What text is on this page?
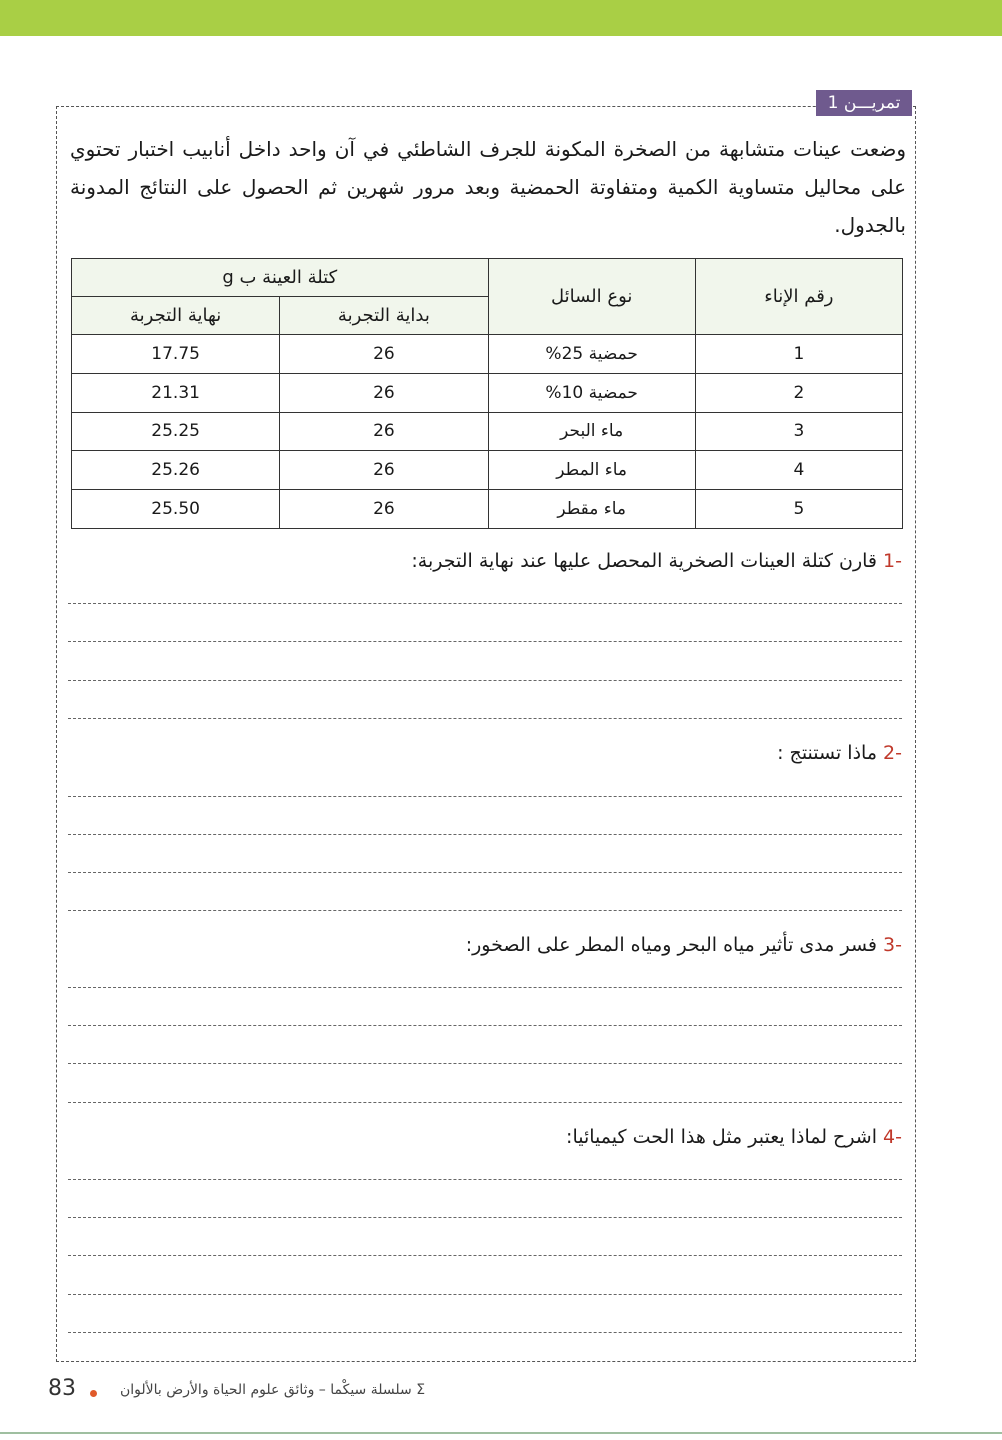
تمريـــن 1
وضعت عينات متشابهة من الصخرة المكونة للجرف الشاطئي في آن واحد داخل أنابيب اختبار تحتوي على محاليل متساوية الكمية ومتفاوتة الحمضية وبعد مرور شهرين ثم الحصول على النتائج المدونة بالجدول.
رقم الإناء	نوع السائل	كتلة العينة ب g	
		بداية التجربة	نهاية التجربة
1	حمضية 25%	26	17.75
2	حمضية 10%	26	21.31
3	ماء البحر	26	25.25
4	ماء المطر	26	25.26
5	ماء مقطر	26	25.50
-1 قارن كتلة العينات الصخرية المحصل عليها عند نهاية التجربة:
-2 ماذا تستنتج :
-3 فسر مدى تأثير مياه البحر ومياه المطر على الصخور:
-4 اشرح لماذا يعتبر مثل هذا الحت كيميائيا:
83	Σ سلسلة سيكْما – وثائق علوم الحياة والأرض بالألوان
